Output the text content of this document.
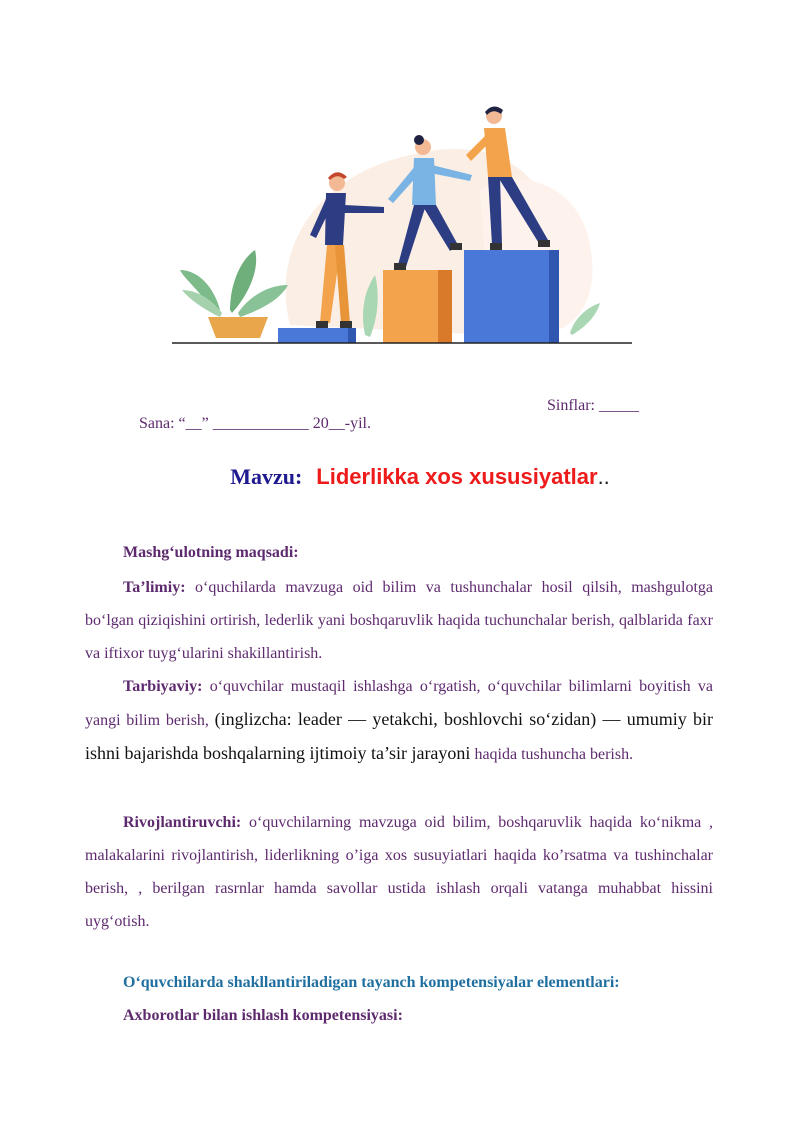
Sana: “__” ____________ 20__-yil.

Sinflar: _____

Mavzu: Liderlikka xos xususiyatlar..
Mashg‘ulotning maqsadi:
Ta’limiy: o‘quchilarda mavzuga oid bilim va tushunchalar hosil qilsih, mashgulotga bo‘lgan qiziqishini ortirish, lederlik yani boshqaruvlik haqida tuchunchalar berish, qalblarida faxr va iftixor tuyg‘ularini shakillantirish.
Tarbiyaviy: o‘quvchilar mustaqil ishlashga o‘rgatish, o‘quvchilar bilimlarni boyitish va yangi bilim berish, (inglizcha: leader — yetakchi, boshlovchi so‘zidan) — umumiy bir ishni bajarishda boshqalarning ijtimoiy ta’sir jarayoni haqida tushuncha berish.
Rivojlantiruvchi: o‘quvchilarning mavzuga oid bilim, boshqaruvlik haqida ko‘nikma , malakalarini rivojlantirish, liderlikning o’iga xos susuyiatlari haqida ko’rsatma va tushinchalar berish, , berilgan rasrnlar hamda savollar ustida ishlash orqali vatanga muhabbat hissini uyg‘otish.
O‘quvchilarda shakllantiriladigan tayanch kompetensiyalar elementlari:
Axborotlar bilan ishlash kompetensiyasi:
